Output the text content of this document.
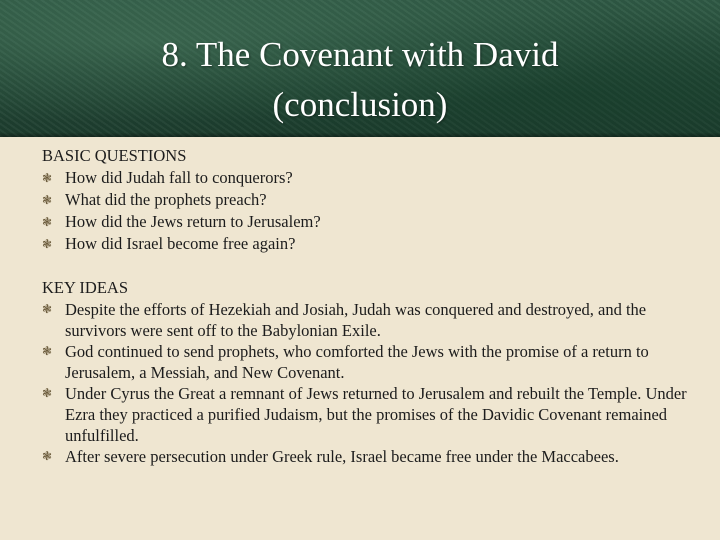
8. The Covenant with David
(conclusion)

BASIC QUESTIONS

❃ How did Judah fall to conquerors?
❃ What did the prophets preach?
❃ How did the Jews return to Jerusalem?
❃ How did Israel become free again?

KEY IDEAS

❃ Despite the efforts of Hezekiah and Josiah, Judah was conquered and destroyed, and the survivors were sent off to the Babylonian Exile.
❃ God continued to send prophets, who comforted the Jews with the promise of a return to Jerusalem, a Messiah, and New Covenant.
❃ Under Cyrus the Great a remnant of Jews returned to Jerusalem and rebuilt the Temple. Under Ezra they practiced a purified Judaism, but the promises of the Davidic Covenant remained unfulfilled.
❃ After severe persecution under Greek rule, Israel became free under the Maccabees.
